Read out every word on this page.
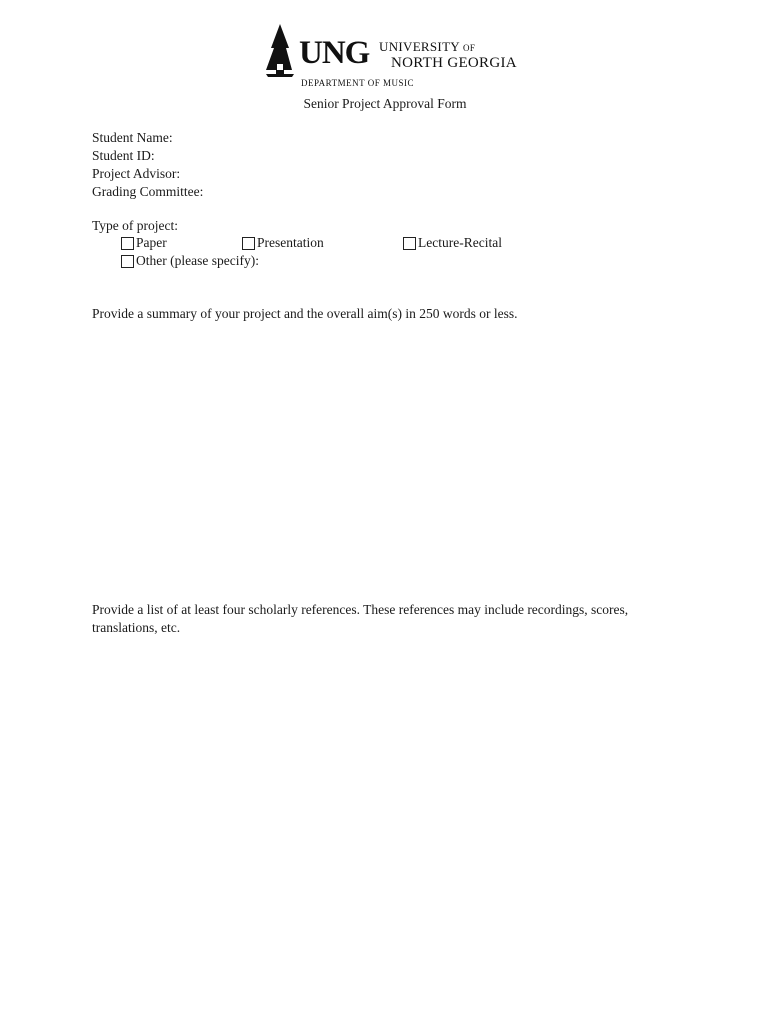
UNG UNIVERSITY of
NORTH GEORGIA
DEPARTMENT OF MUSIC
Senior Project Approval Form
Student Name:
Student ID:
Project Advisor:
Grading Committee:
Type of project:
Paper	Presentation	Lecture-Recital
Other (please specify):
Provide a summary of your project and the overall aim(s) in 250 words or less.
Provide a list of at least four scholarly references. These references may include recordings, scores, translations, etc.
